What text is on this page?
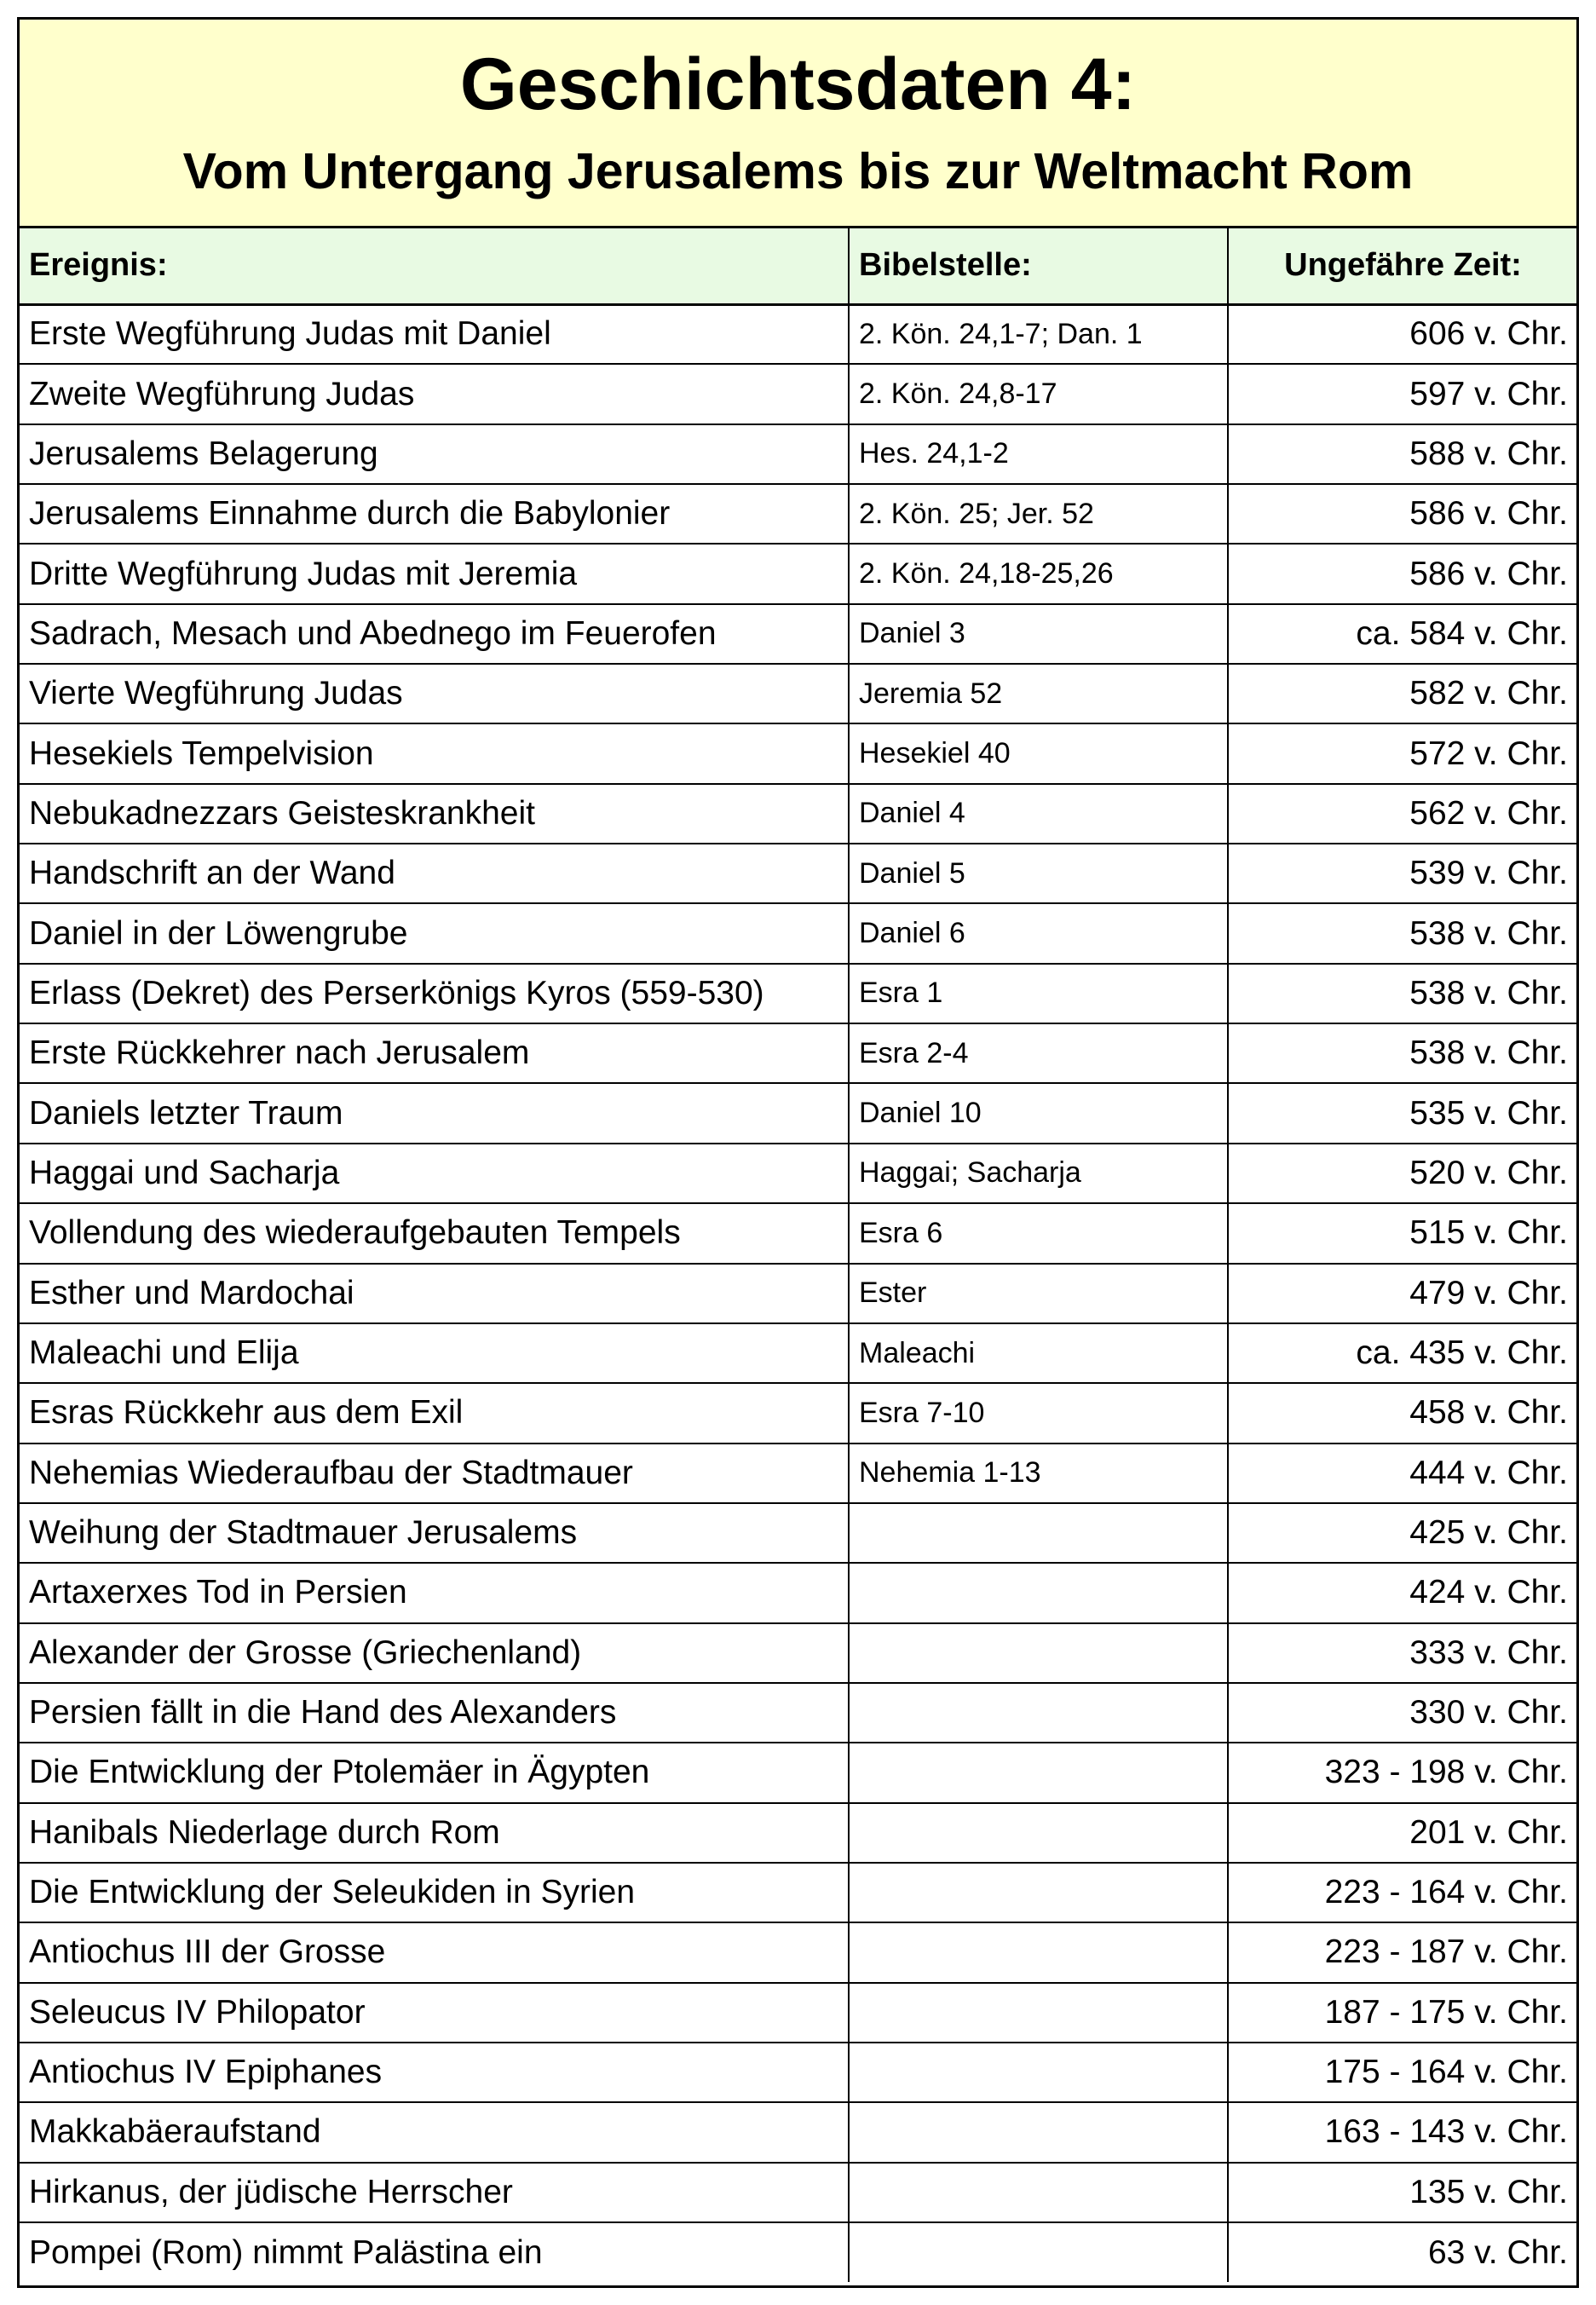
Geschichtsdaten 4:
Vom Untergang Jerusalems bis zur Weltmacht Rom
Ereignis:	Bibelstelle:	Ungefähre Zeit:
Erste Wegführung Judas mit Daniel	2. Kön. 24,1-7; Dan. 1	606 v. Chr.
Zweite Wegführung Judas	2. Kön. 24,8-17	597 v. Chr.
Jerusalems Belagerung	Hes. 24,1-2	588 v. Chr.
Jerusalems Einnahme durch die Babylonier	2. Kön. 25; Jer. 52	586 v. Chr.
Dritte Wegführung Judas mit Jeremia	2. Kön. 24,18-25,26	586 v. Chr.
Sadrach, Mesach und Abednego im Feuerofen	Daniel 3	ca. 584 v. Chr.
Vierte Wegführung Judas	Jeremia 52	582 v. Chr.
Hesekiels Tempelvision	Hesekiel 40	572 v. Chr.
Nebukadnezzars Geisteskrankheit	Daniel 4	562 v. Chr.
Handschrift an der Wand	Daniel 5	539 v. Chr.
Daniel in der Löwengrube	Daniel 6	538 v. Chr.
Erlass (Dekret) des Perserkönigs Kyros (559-530)	Esra 1	538 v. Chr.
Erste Rückkehrer nach Jerusalem	Esra 2-4	538 v. Chr.
Daniels letzter Traum	Daniel 10	535 v. Chr.
Haggai und Sacharja	Haggai; Sacharja	520 v. Chr.
Vollendung des wiederaufgebauten Tempels	Esra 6	515 v. Chr.
Esther und Mardochai	Ester	479 v. Chr.
Maleachi und Elija	Maleachi	ca. 435 v. Chr.
Esras Rückkehr aus dem Exil	Esra 7-10	458 v. Chr.
Nehemias Wiederaufbau der Stadtmauer	Nehemia 1-13	444 v. Chr.
Weihung der Stadtmauer Jerusalems		425 v. Chr.
Artaxerxes Tod in Persien		424 v. Chr.
Alexander der Grosse (Griechenland)		333 v. Chr.
Persien fällt in die Hand des Alexanders		330 v. Chr.
Die Entwicklung der Ptolemäer in Ägypten		323 - 198 v. Chr.
Hanibals Niederlage durch Rom		201 v. Chr.
Die Entwicklung der Seleukiden in Syrien		223 - 164 v. Chr.
Antiochus III der Grosse		223 - 187 v. Chr.
Seleucus IV Philopator		187 - 175 v. Chr.
Antiochus IV Epiphanes		175 - 164 v. Chr.
Makkabäeraufstand		163 - 143 v. Chr.
Hirkanus, der jüdische Herrscher		135 v. Chr.
Pompei (Rom) nimmt Palästina ein		63 v. Chr.
